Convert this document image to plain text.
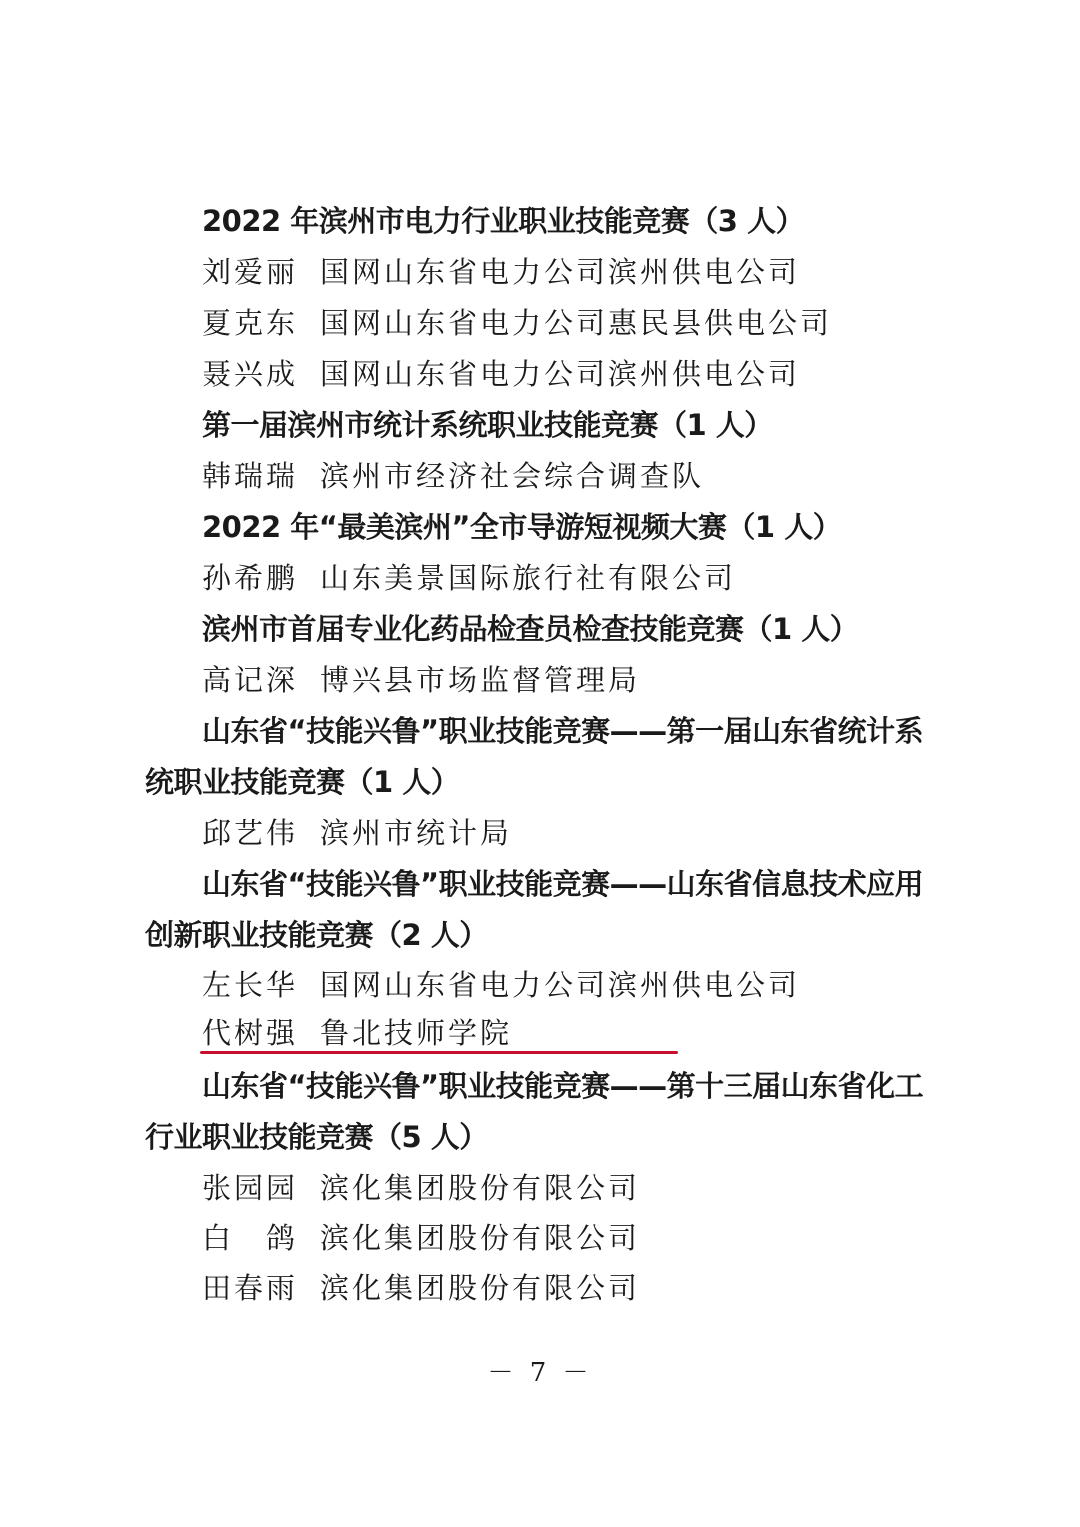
2022 年滨州市电力行业职业技能竞赛（3 人）
刘爱丽 国网山东省电力公司滨州供电公司
夏克东 国网山东省电力公司惠民县供电公司
聂兴成 国网山东省电力公司滨州供电公司
第一届滨州市统计系统职业技能竞赛（1 人）
韩瑞瑞 滨州市经济社会综合调查队
2022 年“最美滨州”全市导游短视频大赛（1 人）
孙希鹏 山东美景国际旅行社有限公司
滨州市首届专业化药品检查员检查技能竞赛（1 人）
高记深 博兴县市场监督管理局
山东省“技能兴鲁”职业技能竞赛——第一届山东省统计系
统职业技能竞赛（1 人）
邱艺伟 滨州市统计局
山东省“技能兴鲁”职业技能竞赛——山东省信息技术应用
创新职业技能竞赛（2 人）
左长华 国网山东省电力公司滨州供电公司
代树强 鲁北技师学院
山东省“技能兴鲁”职业技能竞赛——第十三届山东省化工
行业职业技能竞赛（5 人）
张园园 滨化集团股份有限公司
白　鸽 滨化集团股份有限公司
田春雨 滨化集团股份有限公司
－ 7 －
